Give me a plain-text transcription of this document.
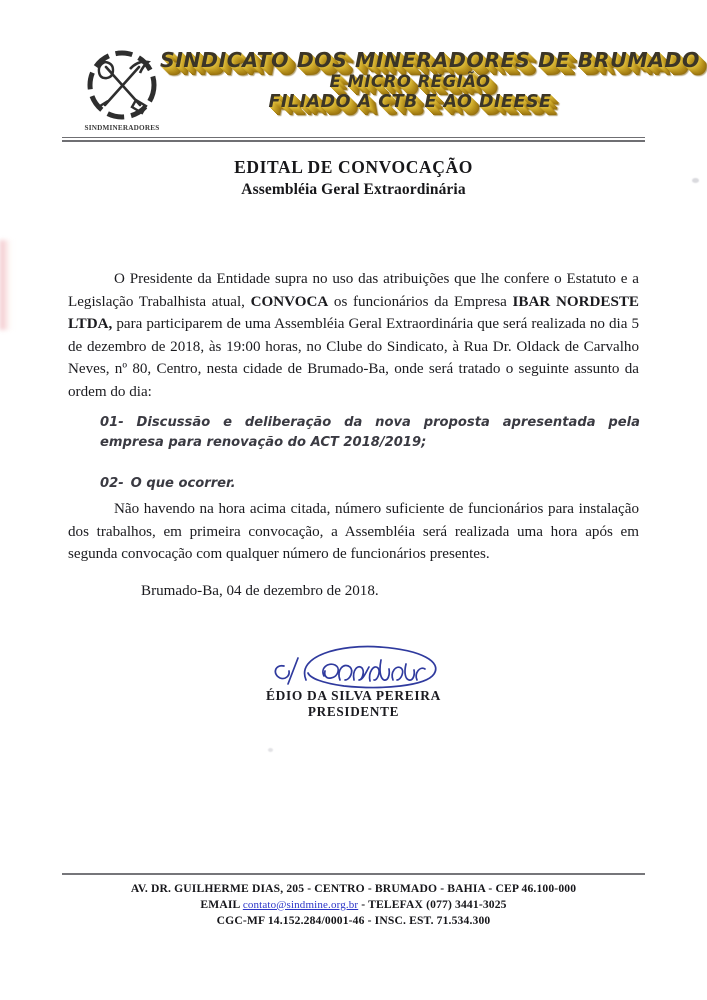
SINDMINERADORES
SINDICATO DOS MINERADORES DE BRUMADO
E MICRO REGIÃO
FILIADO A CTB E AO DIEESE
EDITAL DE CONVOCAÇÃO
Assembléia Geral Extraordinária

O Presidente da Entidade supra no uso das atribuições que lhe confere o Estatuto e a Legislação Trabalhista atual, CONVOCA os funcionários da Empresa IBAR NORDESTE LTDA, para participarem de uma Assembléia Geral Extraordinária que será realizada no dia 5 de dezembro de 2018, às 19:00 horas, no Clube do Sindicato, à Rua Dr. Oldack de Carvalho Neves, nº 80, Centro, nesta cidade de Brumado-Ba, onde será tratado o seguinte assunto da ordem do dia:

01- Discussão e deliberação da nova proposta apresentada pela empresa para renovação do ACT 2018/2019;
02- O que ocorrer.

Não havendo na hora acima citada, número suficiente de funcionários para instalação dos trabalhos, em primeira convocação, a Assembléia será realizada uma hora após em segunda convocação com qualquer número de funcionários presentes.

Brumado-Ba, 04 de dezembro de 2018.
ÉDIO DA SILVA PEREIRA
PRESIDENTE
AV. DR. GUILHERME DIAS, 205 - CENTRO - BRUMADO - BAHIA - CEP 46.100-000
EMAIL contato@sindmine.org.br - TELEFAX (077) 3441-3025
CGC-MF 14.152.284/0001-46 - INSC. EST. 71.534.300
